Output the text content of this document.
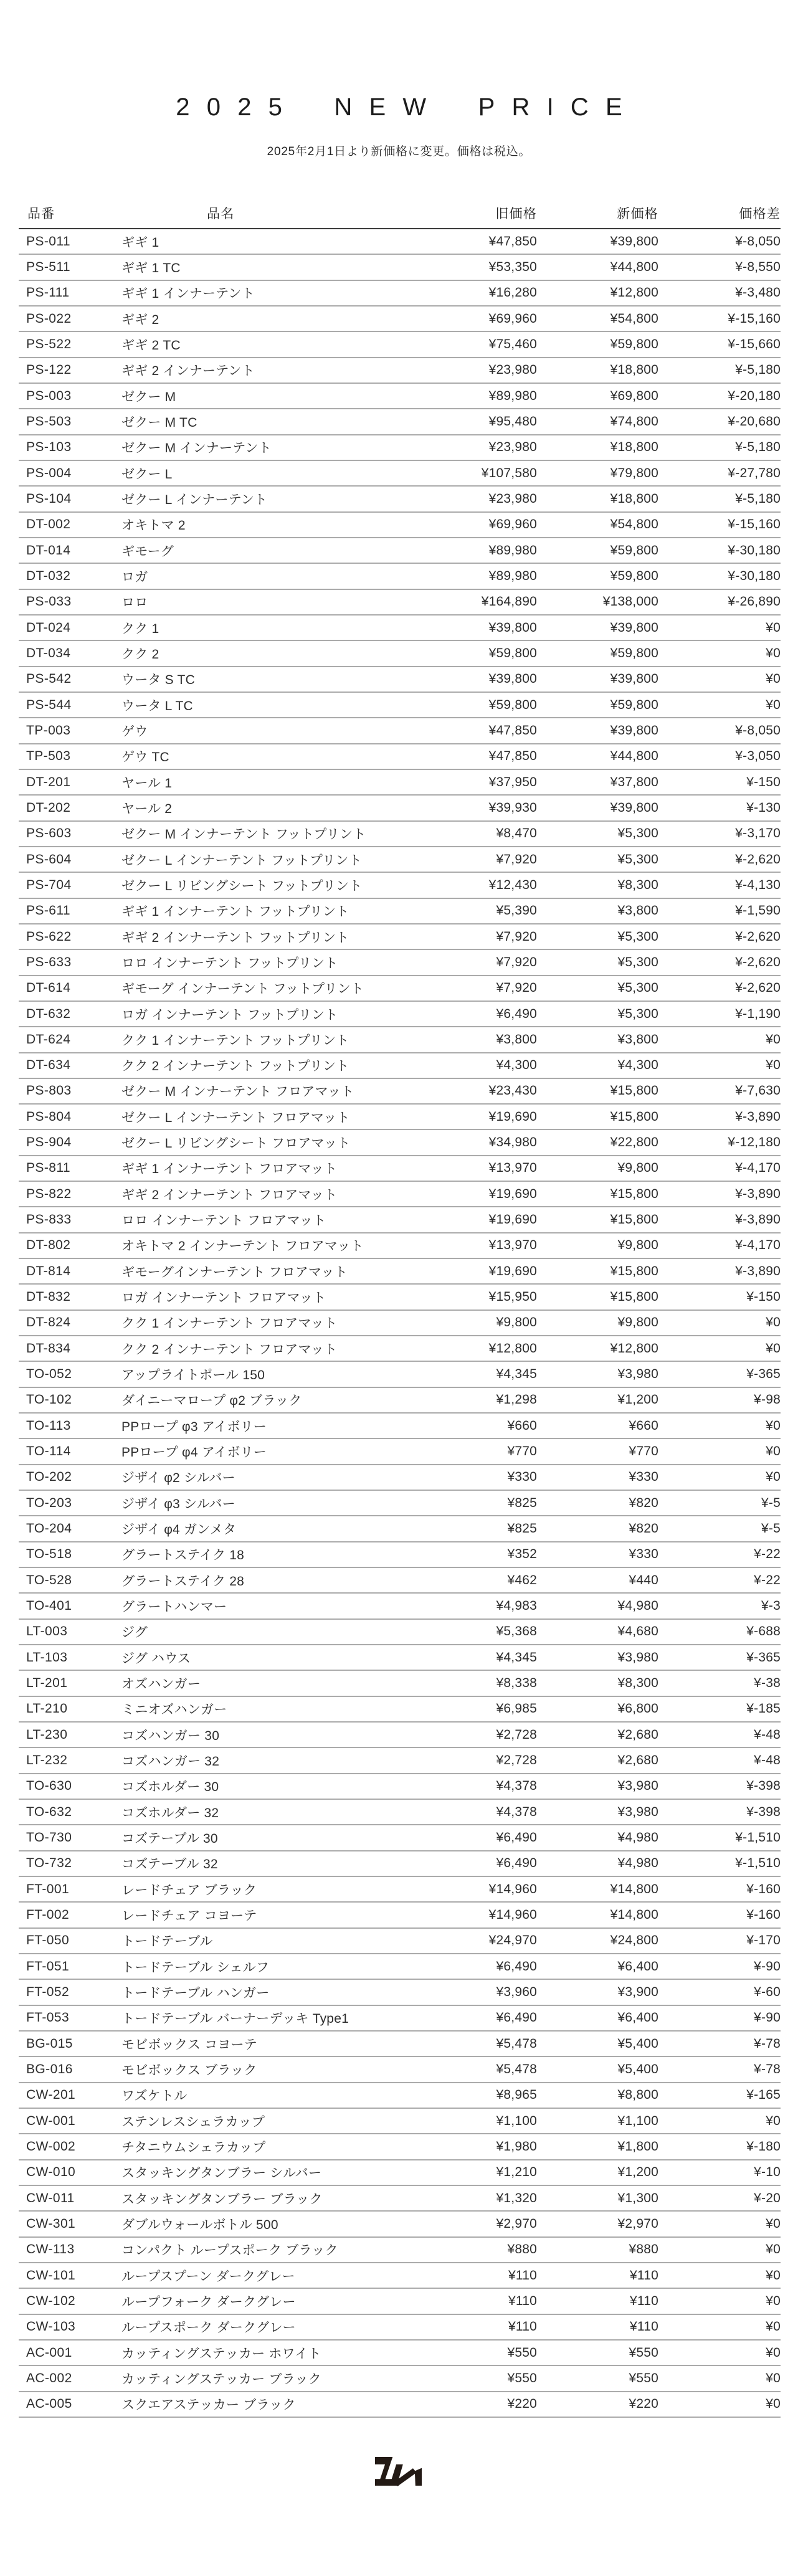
2025 NEW PRICE
2025年2月1日より新価格に変更。価格は税込。
品番	品名	旧価格	新価格	価格差
PS-011	ギギ 1	¥47,850	¥39,800	¥-8,050
PS-511	ギギ 1 TC	¥53,350	¥44,800	¥-8,550
PS-111	ギギ 1 インナーテント	¥16,280	¥12,800	¥-3,480
PS-022	ギギ 2	¥69,960	¥54,800	¥-15,160
PS-522	ギギ 2 TC	¥75,460	¥59,800	¥-15,660
PS-122	ギギ 2 インナーテント	¥23,980	¥18,800	¥-5,180
PS-003	ゼクー M	¥89,980	¥69,800	¥-20,180
PS-503	ゼクー M TC	¥95,480	¥74,800	¥-20,680
PS-103	ゼクー M インナーテント	¥23,980	¥18,800	¥-5,180
PS-004	ゼクー L	¥107,580	¥79,800	¥-27,780
PS-104	ゼクー L インナーテント	¥23,980	¥18,800	¥-5,180
DT-002	オキトマ 2	¥69,960	¥54,800	¥-15,160
DT-014	ギモーグ	¥89,980	¥59,800	¥-30,180
DT-032	ロガ	¥89,980	¥59,800	¥-30,180
PS-033	ロロ	¥164,890	¥138,000	¥-26,890
DT-024	クク 1	¥39,800	¥39,800	¥0
DT-034	クク 2	¥59,800	¥59,800	¥0
PS-542	ウータ S TC	¥39,800	¥39,800	¥0
PS-544	ウータ L TC	¥59,800	¥59,800	¥0
TP-003	ゲウ	¥47,850	¥39,800	¥-8,050
TP-503	ゲウ TC	¥47,850	¥44,800	¥-3,050
DT-201	ヤール 1	¥37,950	¥37,800	¥-150
DT-202	ヤール 2	¥39,930	¥39,800	¥-130
PS-603	ゼクー M インナーテント フットプリント	¥8,470	¥5,300	¥-3,170
PS-604	ゼクー L インナーテント フットプリント	¥7,920	¥5,300	¥-2,620
PS-704	ゼクー L リビングシート フットプリント	¥12,430	¥8,300	¥-4,130
PS-611	ギギ 1 インナーテント フットプリント	¥5,390	¥3,800	¥-1,590
PS-622	ギギ 2 インナーテント フットプリント	¥7,920	¥5,300	¥-2,620
PS-633	ロロ インナーテント フットプリント	¥7,920	¥5,300	¥-2,620
DT-614	ギモーグ インナーテント フットプリント	¥7,920	¥5,300	¥-2,620
DT-632	ロガ インナーテント フットプリント	¥6,490	¥5,300	¥-1,190
DT-624	クク 1 インナーテント フットプリント	¥3,800	¥3,800	¥0
DT-634	クク 2 インナーテント フットプリント	¥4,300	¥4,300	¥0
PS-803	ゼクー M インナーテント フロアマット	¥23,430	¥15,800	¥-7,630
PS-804	ゼクー L インナーテント フロアマット	¥19,690	¥15,800	¥-3,890
PS-904	ゼクー L リビングシート フロアマット	¥34,980	¥22,800	¥-12,180
PS-811	ギギ 1 インナーテント フロアマット	¥13,970	¥9,800	¥-4,170
PS-822	ギギ 2 インナーテント フロアマット	¥19,690	¥15,800	¥-3,890
PS-833	ロロ インナーテント フロアマット	¥19,690	¥15,800	¥-3,890
DT-802	オキトマ 2 インナーテント フロアマット	¥13,970	¥9,800	¥-4,170
DT-814	ギモーグインナーテント フロアマット	¥19,690	¥15,800	¥-3,890
DT-832	ロガ インナーテント フロアマット	¥15,950	¥15,800	¥-150
DT-824	クク 1 インナーテント フロアマット	¥9,800	¥9,800	¥0
DT-834	クク 2 インナーテント フロアマット	¥12,800	¥12,800	¥0
TO-052	アップライトポール 150	¥4,345	¥3,980	¥-365
TO-102	ダイニーマロープ φ2 ブラック	¥1,298	¥1,200	¥-98
TO-113	PPロープ φ3 アイボリー	¥660	¥660	¥0
TO-114	PPロープ φ4 アイボリー	¥770	¥770	¥0
TO-202	ジザイ φ2 シルバー	¥330	¥330	¥0
TO-203	ジザイ φ3 シルバー	¥825	¥820	¥-5
TO-204	ジザイ φ4 ガンメタ	¥825	¥820	¥-5
TO-518	グラートステイク 18	¥352	¥330	¥-22
TO-528	グラートステイク 28	¥462	¥440	¥-22
TO-401	グラートハンマー	¥4,983	¥4,980	¥-3
LT-003	ジグ	¥5,368	¥4,680	¥-688
LT-103	ジグ ハウス	¥4,345	¥3,980	¥-365
LT-201	オズハンガー	¥8,338	¥8,300	¥-38
LT-210	ミニオズハンガー	¥6,985	¥6,800	¥-185
LT-230	コズハンガー 30	¥2,728	¥2,680	¥-48
LT-232	コズハンガー 32	¥2,728	¥2,680	¥-48
TO-630	コズホルダー 30	¥4,378	¥3,980	¥-398
TO-632	コズホルダー 32	¥4,378	¥3,980	¥-398
TO-730	コズテーブル 30	¥6,490	¥4,980	¥-1,510
TO-732	コズテーブル 32	¥6,490	¥4,980	¥-1,510
FT-001	レードチェア ブラック	¥14,960	¥14,800	¥-160
FT-002	レードチェア コヨーテ	¥14,960	¥14,800	¥-160
FT-050	トードテーブル	¥24,970	¥24,800	¥-170
FT-051	トードテーブル シェルフ	¥6,490	¥6,400	¥-90
FT-052	トードテーブル ハンガー	¥3,960	¥3,900	¥-60
FT-053	トードテーブル バーナーデッキ Type1	¥6,490	¥6,400	¥-90
BG-015	モビボックス コヨーテ	¥5,478	¥5,400	¥-78
BG-016	モビボックス ブラック	¥5,478	¥5,400	¥-78
CW-201	ワズケトル	¥8,965	¥8,800	¥-165
CW-001	ステンレスシェラカップ	¥1,100	¥1,100	¥0
CW-002	チタニウムシェラカップ	¥1,980	¥1,800	¥-180
CW-010	スタッキングタンブラー シルバー	¥1,210	¥1,200	¥-10
CW-011	スタッキングタンブラー ブラック	¥1,320	¥1,300	¥-20
CW-301	ダブルウォールボトル 500	¥2,970	¥2,970	¥0
CW-113	コンパクト ループスポーク ブラック	¥880	¥880	¥0
CW-101	ループスプーン ダークグレー	¥110	¥110	¥0
CW-102	ループフォーク ダークグレー	¥110	¥110	¥0
CW-103	ループスポーク ダークグレー	¥110	¥110	¥0
AC-001	カッティングステッカー ホワイト	¥550	¥550	¥0
AC-002	カッティングステッカー ブラック	¥550	¥550	¥0
AC-005	スクエアステッカー ブラック	¥220	¥220	¥0
